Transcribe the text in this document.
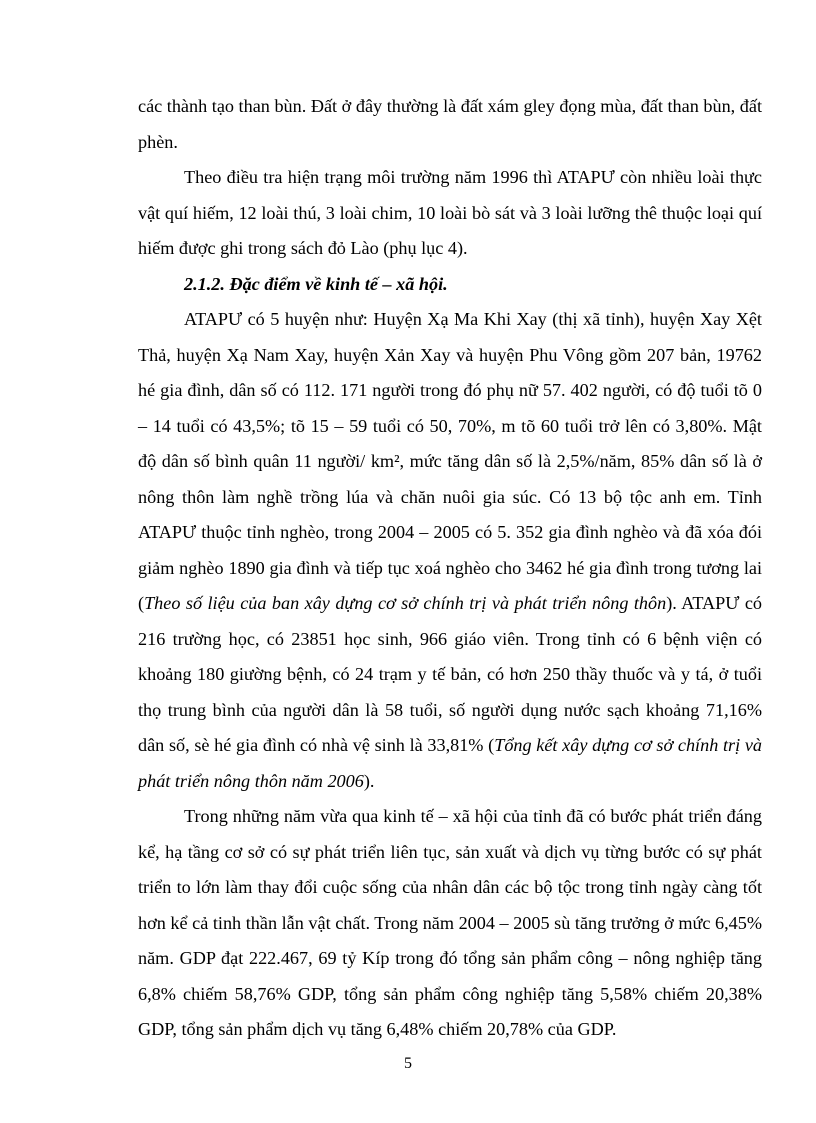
các thành tạo than bùn. Đất ở đây thường là đất xám gley đọng mùa, đất than bùn, đất phèn.

Theo điều tra hiện trạng môi trường năm 1996 thì ATAPƯ còn nhiều loài thực vật quí hiếm, 12 loài thú, 3 loài chim, 10 loài bò sát và 3 loài lưỡng thê thuộc loại quí hiếm được ghi trong sách đỏ Lào (phụ lục 4).

2.1.2. Đặc điểm về kinh tế – xã hội.

ATAPƯ có 5 huyện như: Huyện Xạ Ma Khi Xay (thị xã tỉnh), huyện Xay Xệt Thả, huyện Xạ Nam Xay, huyện Xản Xay và huyện Phu Vông gồm 207 bản, 19762 hé gia đình, dân số có 112. 171 người trong đó phụ nữ 57. 402 người, có độ tuổi tõ 0 – 14 tuổi có 43,5%; tõ 15 – 59 tuổi có 50, 70%, m tõ 60 tuổi trở lên có 3,80%. Mật độ dân số bình quân 11 người/ km², mức tăng dân số là 2,5%/năm, 85% dân số là ở nông thôn làm nghề trồng lúa và chăn nuôi gia súc. Có 13 bộ tộc anh em. Tỉnh ATAPƯ thuộc tỉnh nghèo, trong 2004 – 2005 có 5. 352 gia đình nghèo và đã xóa đói giảm nghèo 1890 gia đình và tiếp tục xoá nghèo cho 3462 hé gia đình trong tương lai (Theo số liệu của ban xây dựng cơ sở chính trị và phát triển nông thôn). ATAPƯ có 216 trường học, có 23851 học sinh, 966 giáo viên. Trong tỉnh có 6 bệnh viện có khoảng 180 giường bệnh, có 24 trạm y tế bản, có hơn 250 thầy thuốc và y tá, ở tuổi thọ trung bình của người dân là 58 tuổi, số người dụng nước sạch khoảng 71,16% dân số, sè hé gia đình có nhà vệ sinh là 33,81% (Tổng kết xây dựng cơ sở chính trị và phát triển nông thôn năm 2006).

Trong những năm vừa qua kinh tế – xã hội của tỉnh đã có bước phát triển đáng kể, hạ tầng cơ sở có sự phát triển liên tục, sản xuất và dịch vụ từng bước có sự phát triển to lớn làm thay đổi cuộc sống của nhân dân các bộ tộc trong tỉnh ngày càng tốt hơn kể cả tinh thần lẫn vật chất. Trong năm 2004 – 2005 sù tăng trưởng ở mức 6,45% năm. GDP đạt 222.467, 69 tỷ Kíp trong đó tổng sản phẩm công – nông nghiệp tăng 6,8% chiếm 58,76% GDP, tổng sản phẩm công nghiệp tăng 5,58% chiếm 20,38% GDP, tổng sản phẩm dịch vụ tăng 6,48% chiếm 20,78% của GDP.

5
